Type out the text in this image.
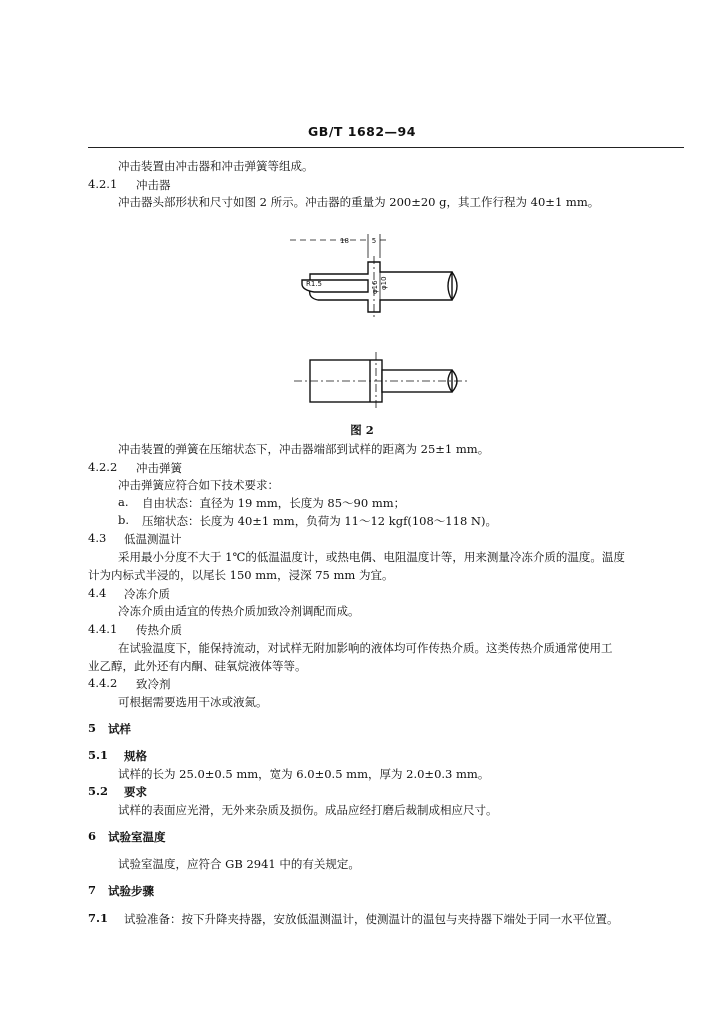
GB/T 1682—94
冲击装置由冲击器和冲击弹簧等组成。
4.2.1 冲击器
冲击器头部形状和尺寸如图 2 所示。冲击器的重量为 200±20 g，其工作行程为 40±1 mm。
18	5
R1.5	φ10
φ16
图 2
冲击装置的弹簧在压缩状态下，冲击器端部到试样的距离为 25±1 mm。
4.2.2 冲击弹簧
冲击弹簧应符合如下技术要求：
a. 自由状态：直径为 19 mm，长度为 85～90 mm；
b. 压缩状态：长度为 40±1 mm，负荷为 11～12 kgf(108～118 N)。
4.3 低温测温计
采用最小分度不大于 1℃的低温温度计，或热电偶、电阻温度计等，用来测量冷冻介质的温度。温度
计为内标式半浸的，以尾长 150 mm，浸深 75 mm 为宜。
4.4 冷冻介质
冷冻介质由适宜的传热介质加致冷剂调配而成。
4.4.1 传热介质
在试验温度下，能保持流动，对试样无附加影响的液体均可作传热介质。这类传热介质通常使用工
业乙醇，此外还有内酮、硅氧烷液体等等。
4.4.2 致冷剂
可根据需要选用干冰或液氮。
5 试样
5.1 规格
试样的长为 25.0±0.5 mm，宽为 6.0±0.5 mm，厚为 2.0±0.3 mm。
5.2 要求
试样的表面应光滑，无外来杂质及损伤。成品应经打磨后裁制成相应尺寸。
6 试验室温度
试验室温度，应符合 GB 2941 中的有关规定。
7 试验步骤
7.1 试验准备：按下升降夹持器，安放低温测温计，使测温计的温包与夹持器下端处于同一水平位置。
